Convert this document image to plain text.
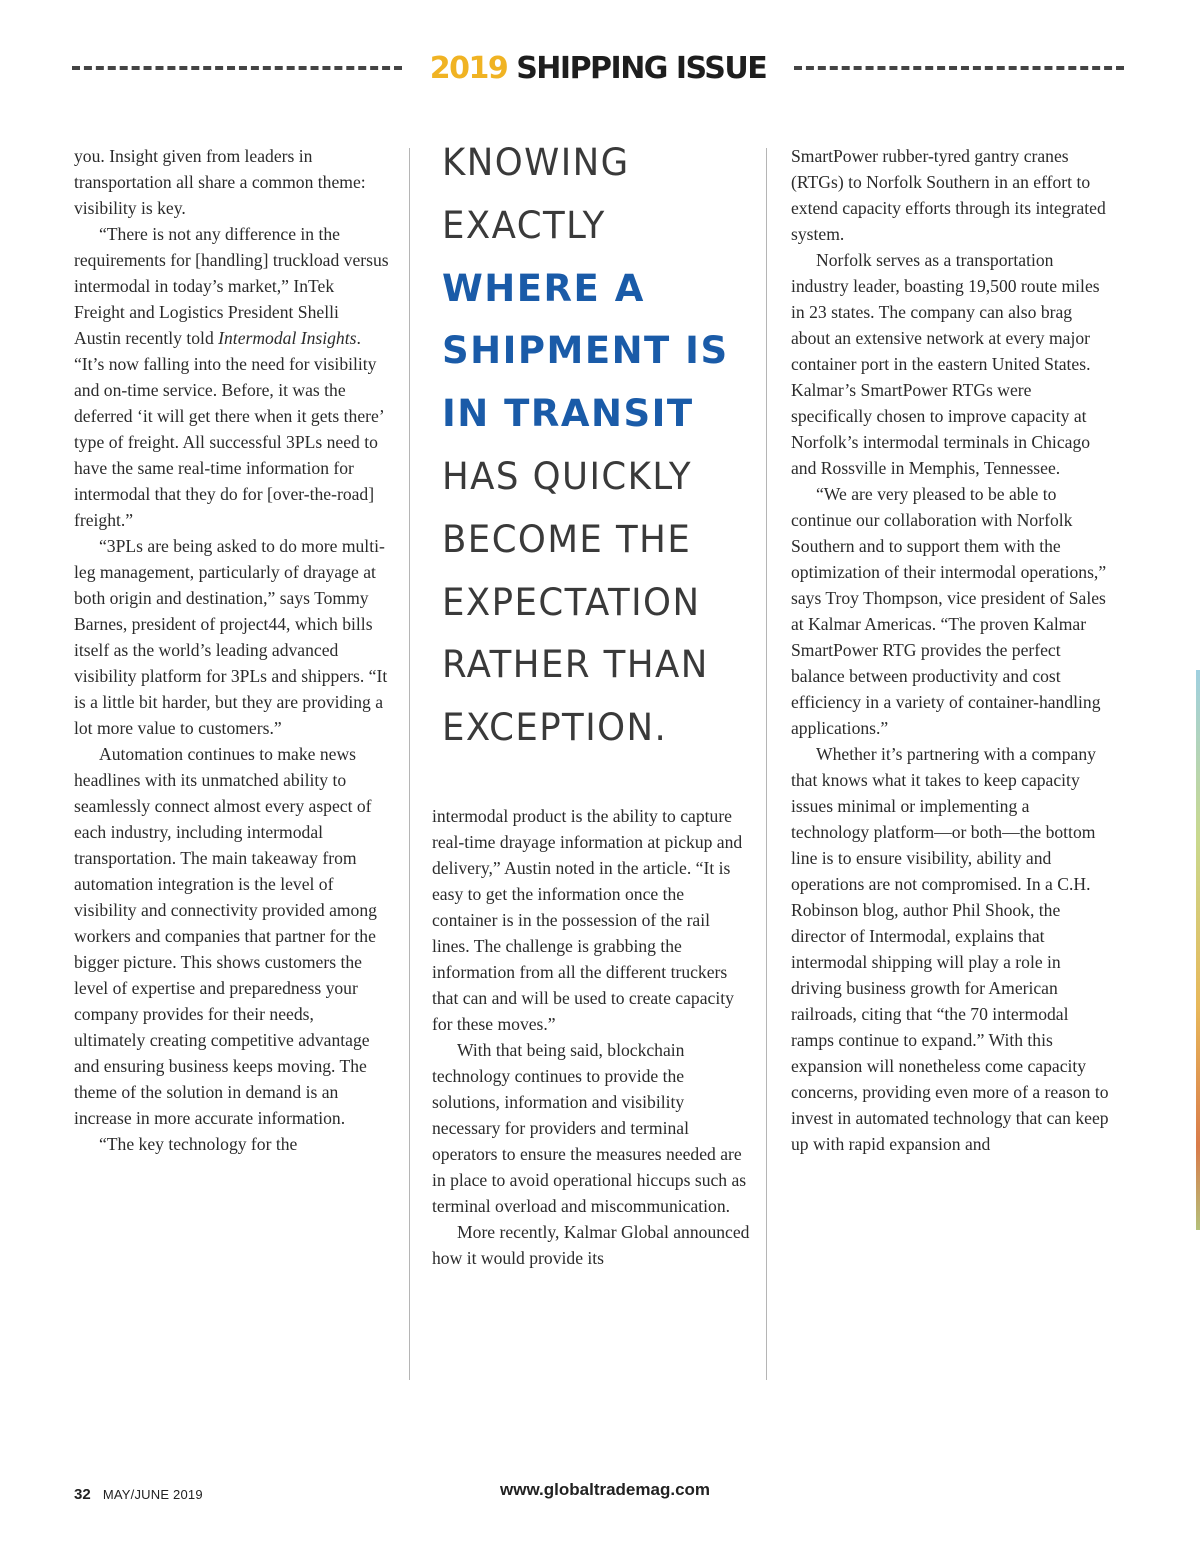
2019 SHIPPING ISSUE

you. Insight given from leaders in transportation all share a common theme: visibility is key.

“There is not any difference in the requirements for [handling] truckload versus intermodal in today’s market,” InTek Freight and Logistics President Shelli Austin recently told Intermodal Insights. “It’s now falling into the need for visibility and on-time service. Before, it was the deferred ‘it will get there when it gets there’ type of freight. All successful 3PLs need to have the same real-time information for intermodal that they do for [over-the-road] freight.”

“3PLs are being asked to do more multi-leg management, particularly of drayage at both origin and destination,” says Tommy Barnes, president of project44, which bills itself as the world’s leading advanced visibility platform for 3PLs and shippers. “It is a little bit harder, but they are providing a lot more value to customers.”

Automation continues to make news headlines with its unmatched ability to seamlessly connect almost every aspect of each industry, including intermodal transportation. The main takeaway from automation integration is the level of visibility and connectivity provided among workers and companies that partner for the bigger picture. This shows customers the level of expertise and preparedness your company provides for their needs, ultimately creating competitive advantage and ensuring business keeps moving. The theme of the solution in demand is an increase in more accurate information.

“The key technology for the

KNOWING
EXACTLY
WHERE A
SHIPMENT IS
IN TRANSIT
HAS QUICKLY
BECOME THE
EXPECTATION
RATHER THAN
EXCEPTION.

intermodal product is the ability to capture real-time drayage information at pickup and delivery,” Austin noted in the article. “It is easy to get the information once the container is in the possession of the rail lines. The challenge is grabbing the information from all the different truckers that can and will be used to create capacity for these moves.”

With that being said, blockchain technology continues to provide the solutions, information and visibility necessary for providers and terminal operators to ensure the measures needed are in place to avoid operational hiccups such as terminal overload and miscommunication.

More recently, Kalmar Global announced how it would provide its

SmartPower rubber-tyred gantry cranes (RTGs) to Norfolk Southern in an effort to extend capacity efforts through its integrated system.

Norfolk serves as a transportation industry leader, boasting 19,500 route miles in 23 states. The company can also brag about an extensive network at every major container port in the eastern United States. Kalmar’s SmartPower RTGs were specifically chosen to improve capacity at Norfolk’s intermodal terminals in Chicago and Rossville in Memphis, Tennessee.

“We are very pleased to be able to continue our collaboration with Norfolk Southern and to support them with the optimization of their intermodal operations,” says Troy Thompson, vice president of Sales at Kalmar Americas. “The proven Kalmar SmartPower RTG provides the perfect balance between productivity and cost efficiency in a variety of container-handling applications.”

Whether it’s partnering with a company that knows what it takes to keep capacity issues minimal or implementing a technology platform—or both—the bottom line is to ensure visibility, ability and operations are not compromised. In a C.H. Robinson blog, author Phil Shook, the director of Intermodal, explains that intermodal shipping will play a role in driving business growth for American railroads, citing that “the 70 intermodal ramps continue to expand.” With this expansion will nonetheless come capacity concerns, providing even more of a reason to invest in automated technology that can keep up with rapid expansion and

32 MAY/JUNE 2019	www.globaltrademag.com
